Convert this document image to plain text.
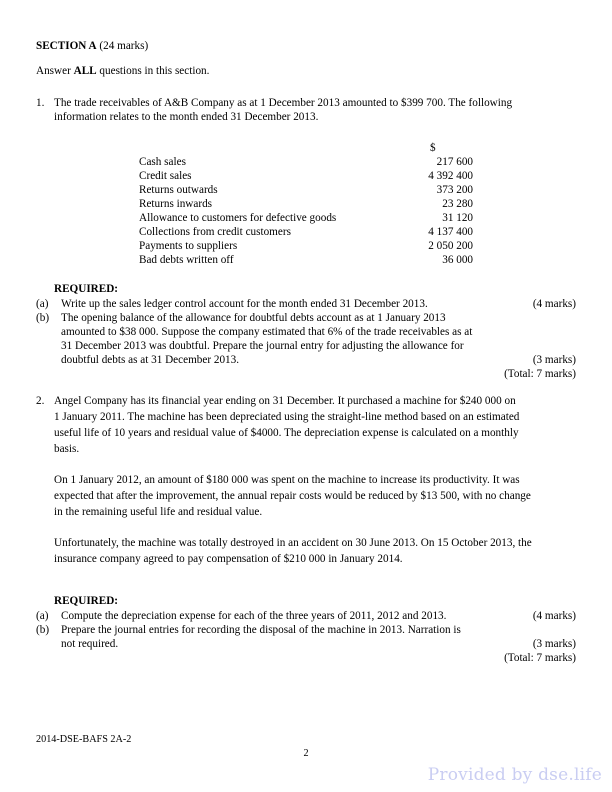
SECTION A (24 marks)
Answer ALL questions in this section.
1. The trade receivables of A&B Company as at 1 December 2013 amounted to $399 700. The following
information relates to the month ended 31 December 2013.
$
Cash sales	217 600
Credit sales	4 392 400
Returns outwards	373 200
Returns inwards	23 280
Allowance to customers for defective goods	31 120
Collections from credit customers	4 137 400
Payments to suppliers	2 050 200
Bad debts written off	36 000
REQUIRED:
(a) Write up the sales ledger control account for the month ended 31 December 2013.	(4 marks)
(b) The opening balance of the allowance for doubtful debts account as at 1 January 2013
amounted to $38 000. Suppose the company estimated that 6% of the trade receivables as at
31 December 2013 was doubtful. Prepare the journal entry for adjusting the allowance for
doubtful debts as at 31 December 2013.	(3 marks)
(Total: 7 marks)
2. Angel Company has its financial year ending on 31 December. It purchased a machine for $240 000 on
1 January 2011. The machine has been depreciated using the straight-line method based on an estimated
useful life of 10 years and residual value of $4000. The depreciation expense is calculated on a monthly
basis.
On 1 January 2012, an amount of $180 000 was spent on the machine to increase its productivity. It was
expected that after the improvement, the annual repair costs would be reduced by $13 500, with no change
in the remaining useful life and residual value.
Unfortunately, the machine was totally destroyed in an accident on 30 June 2013. On 15 October 2013, the
insurance company agreed to pay compensation of $210 000 in January 2014.
REQUIRED:
(a) Compute the depreciation expense for each of the three years of 2011, 2012 and 2013.	(4 marks)
(b) Prepare the journal entries for recording the disposal of the machine in 2013. Narration is
not required.	(3 marks)
(Total: 7 marks)
2014-DSE-BAFS 2A-2
2
Provided by dse.life
